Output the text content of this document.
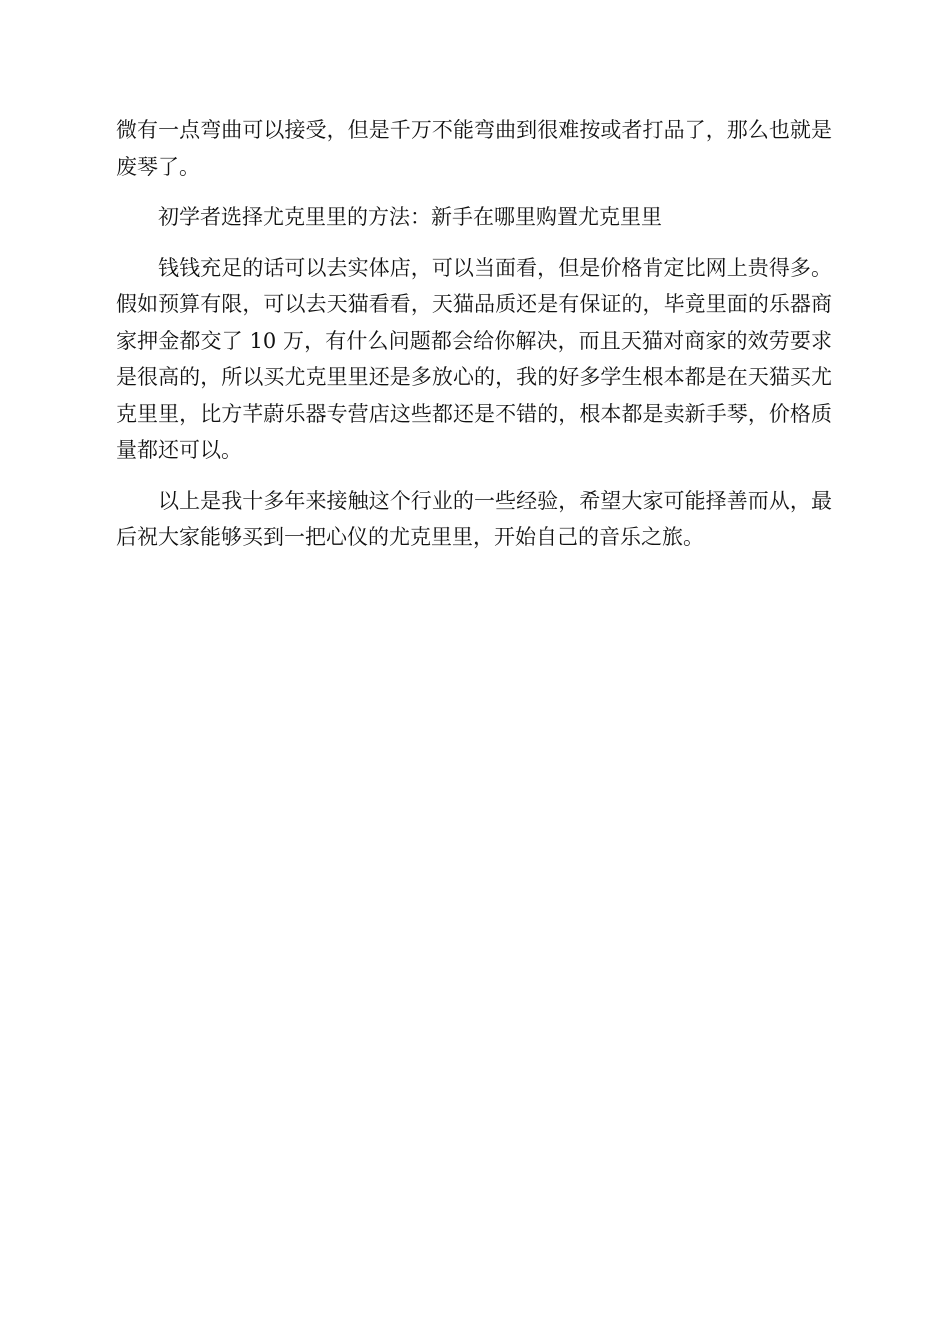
微有一点弯曲可以接受，但是千万不能弯曲到很难按或者打品了，那么也就是废琴了。

初学者选择尤克里里的方法：新手在哪里购置尤克里里

钱钱充足的话可以去实体店，可以当面看，但是价格肯定比网上贵得多。假如预算有限，可以去天猫看看，天猫品质还是有保证的，毕竟里面的乐器商家押金都交了 10 万，有什么问题都会给你解决，而且天猫对商家的效劳要求是很高的，所以买尤克里里还是多放心的，我的好多学生根本都是在天猫买尤克里里，比方芊蔚乐器专营店这些都还是不错的，根本都是卖新手琴，价格质量都还可以。

以上是我十多年来接触这个行业的一些经验，希望大家可能择善而从，最后祝大家能够买到一把心仪的尤克里里，开始自己的音乐之旅。
